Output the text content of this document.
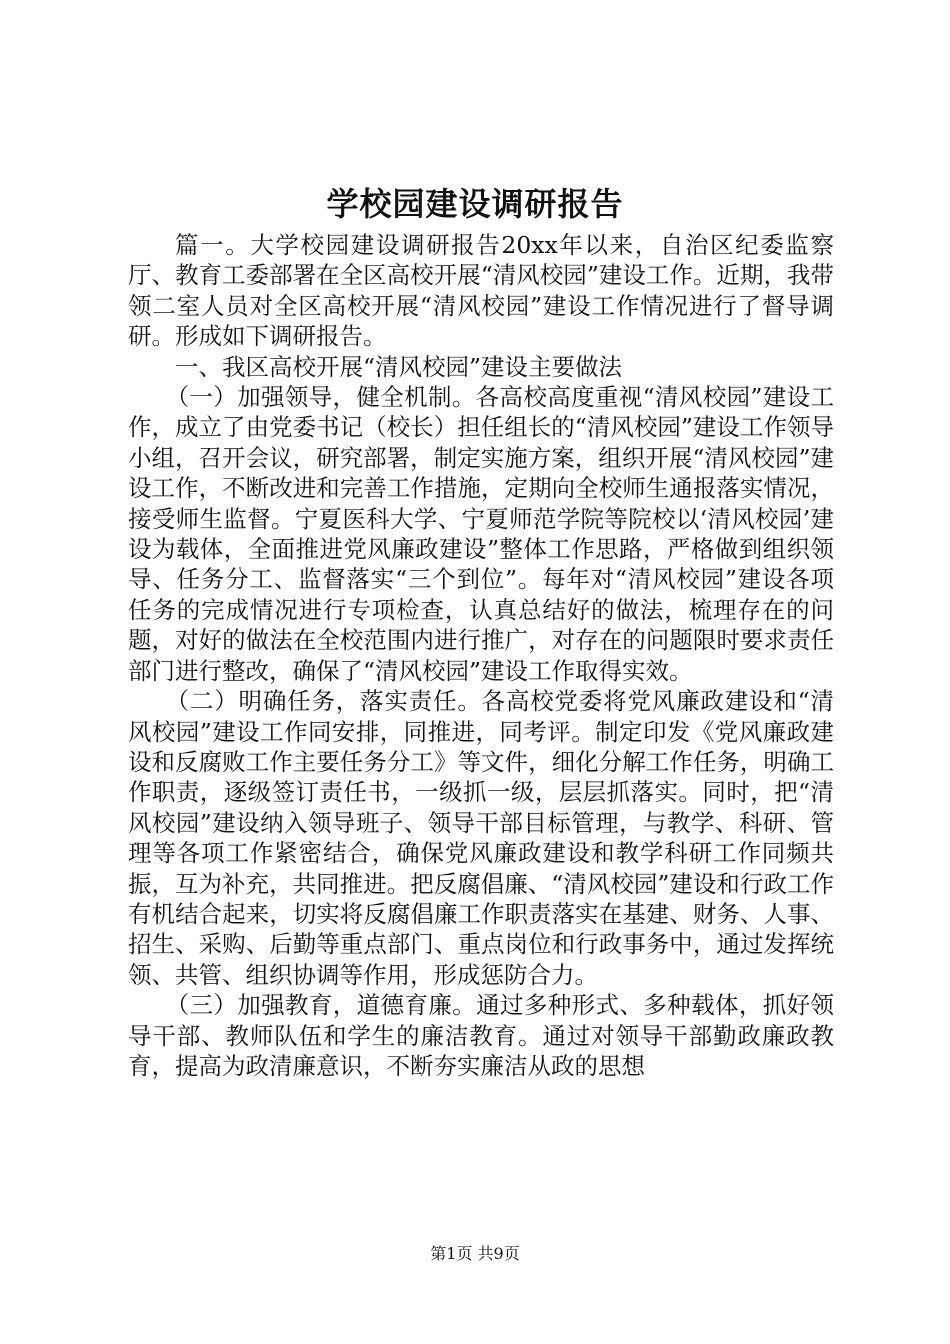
学校园建设调研报告

篇一。大学校园建设调研报告20xx年以来，自治区纪委监察厅、教育工委部署在全区高校开展“清风校园”建设工作。近期，我带领二室人员对全区高校开展“清风校园”建设工作情况进行了督导调研。形成如下调研报告。

一、我区高校开展“清风校园”建设主要做法

（一）加强领导，健全机制。各高校高度重视“清风校园”建设工作，成立了由党委书记（校长）担任组长的“清风校园”建设工作领导小组，召开会议，研究部署，制定实施方案，组织开展“清风校园”建设工作，不断改进和完善工作措施，定期向全校师生通报落实情况，接受师生监督。宁夏医科大学、宁夏师范学院等院校以‘清风校园’建设为载体，全面推进党风廉政建设”整体工作思路，严格做到组织领导、任务分工、监督落实“三个到位”。每年对“清风校园”建设各项任务的完成情况进行专项检查，认真总结好的做法，梳理存在的问题，对好的做法在全校范围内进行推广，对存在的问题限时要求责任部门进行整改，确保了“清风校园”建设工作取得实效。

（二）明确任务，落实责任。各高校党委将党风廉政建设和“清风校园”建设工作同安排，同推进，同考评。制定印发《党风廉政建设和反腐败工作主要任务分工》等文件，细化分解工作任务，明确工作职责，逐级签订责任书，一级抓一级，层层抓落实。同时，把“清风校园”建设纳入领导班子、领导干部目标管理，与教学、科研、管理等各项工作紧密结合，确保党风廉政建设和教学科研工作同频共振，互为补充，共同推进。把反腐倡廉、“清风校园”建设和行政工作有机结合起来，切实将反腐倡廉工作职责落实在基建、财务、人事、招生、采购、后勤等重点部门、重点岗位和行政事务中，通过发挥统领、共管、组织协调等作用，形成惩防合力。

（三）加强教育，道德育廉。通过多种形式、多种载体，抓好领导干部、教师队伍和学生的廉洁教育。通过对领导干部勤政廉政教育，提高为政清廉意识，不断夯实廉洁从政的思想

第1页 共9页
